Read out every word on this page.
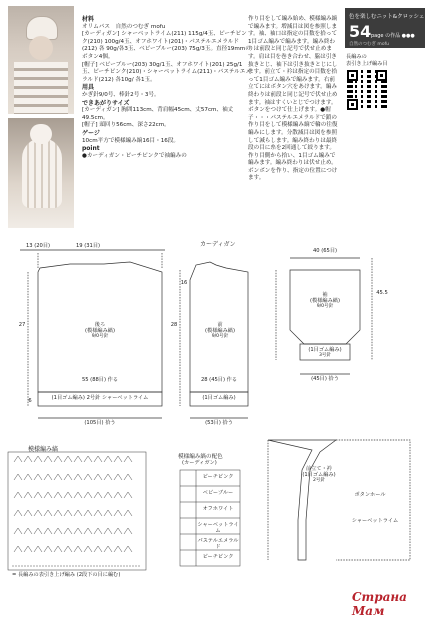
材料
オリムパス　自然のつむぎ mofu
[カーディガン] シャーベットライム(211) 115g/4玉、ピーチピンク(210) 100g/4玉、オフホワイト(201)・パステルエメラルド(212) 各 90g/各3玉、ベビーブルー(203) 75g/3玉。直径19mmのボタン4個。
[帽子] ベビーブルー(203) 30g/1玉、オフホワイト(201) 25g/1玉、ピーチピンク(210)・シャーベットライム(211)・パステルエメラルド(212) 各10g/ 各1玉。
用具
かぎ針9/0号、棒針2号・3号。
できあがりサイズ
[カーディガン] 胸囲113cm、背肩幅45cm、丈57cm、袖丈49.5cm。
[帽子] 頭回り56cm、深さ22cm。
ゲージ
10cm平方で模様編み縞16目・16段。
point
●カーディガン・ピーチピンクで袖編みの
作り目をして編み始め、模様編み縞で編みます。増減目は図を参照します。袖、袖口は指定の目数を拾って1目ゴム編みで編みます。編み終わりは前段と同じ記号で伏せ止めます。肩は目を巻き合わせ、脇は引き抜きとじ、袖下は引き抜きとじにします。前立て・衿は指定の目数を拾って1目ゴム編みで編みます。右前立てにはボタン穴をあけます。編み終わりは前段と同じ記号で伏せ止めます。袖はすくいとじでつけます。ボタンをつけて仕上げます。●帽子・・・パステルエメラルドで鎖の作り目をして模様編み縞で輪の往復編みにします。分散減目は図を参照して減らします。編み終わりは最終段の目に糸を2回通して絞ります。作り目側から拾い、1目ゴム編みで編みます。編み終わりは伏せ止め。ボンボンを作り、指定の位置につけます。
色を楽しむニット&クロッシェ
54 page の作品 ●●●
自然のつむぎ mofu
長編みの
表引き上げ編み目
カーディガン
13 (20目)	19 (31目)
後ろ
(模様編み縞)
9/0号針
55 (88目) 作る
(1目ゴム編み) 2号針 シャーベットライム
(105目) 拾う
前
(模様編み縞)
9/0号針
28 (45目) 作る
(1目ゴム編み)
(53目) 拾う
40 (65目)
袖
(模様編み縞)
9/0号針
(1目ゴム編み)
3号針
(45目) 拾う
45.5
28
27
16
6
模様編み縞
= 長編みの表引き上げ編み (2段下の目に編む)
模様編み縞の配色
(カーディガン)
ピーチピンク
ベビーブルー
オフホワイト
シャーベットライム
パステルエメラルド
ピーチピンク
前立て・衿
(1目ゴム編み)
2号針
ボタンホール
シャーベットライム
Страна Мам
